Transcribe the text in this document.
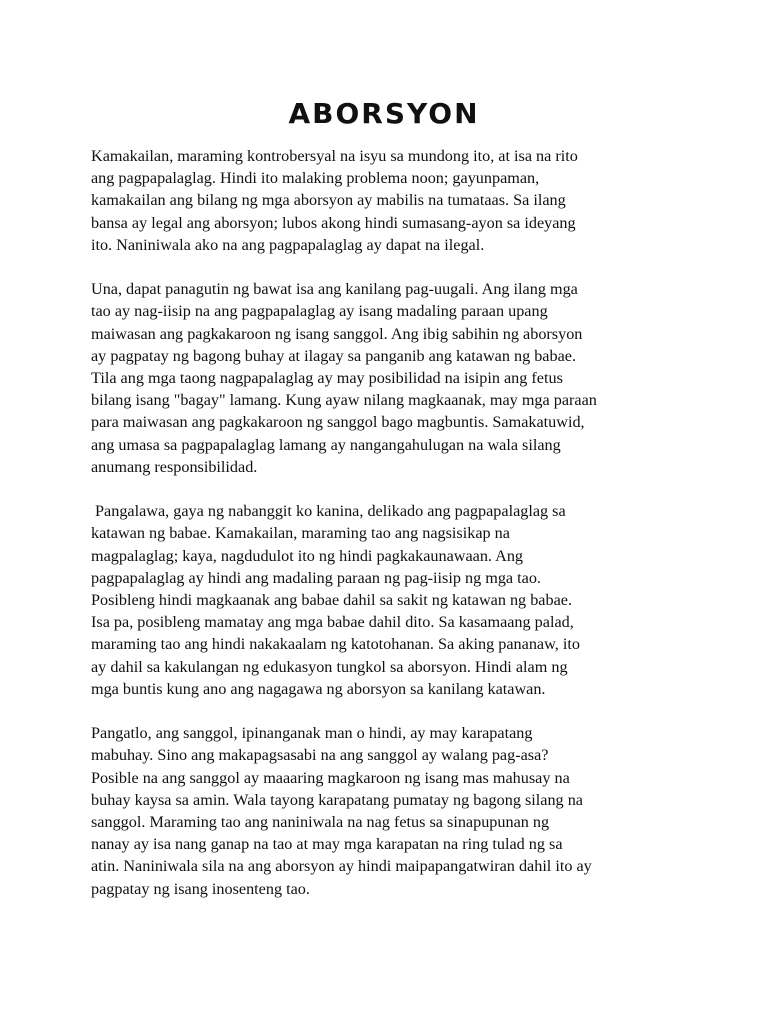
ABORSYON

Kamakailan, maraming kontrobersyal na isyu sa mundong ito, at isa na rito
ang pagpapalaglag. Hindi ito malaking problema noon; gayunpaman,
kamakailan ang bilang ng mga aborsyon ay mabilis na tumataas. Sa ilang
bansa ay legal ang aborsyon; lubos akong hindi sumasang-ayon sa ideyang
ito. Naniniwala ako na ang pagpapalaglag ay dapat na ilegal.

Una, dapat panagutin ng bawat isa ang kanilang pag-uugali. Ang ilang mga
tao ay nag-iisip na ang pagpapalaglag ay isang madaling paraan upang
maiwasan ang pagkakaroon ng isang sanggol. Ang ibig sabihin ng aborsyon
ay pagpatay ng bagong buhay at ilagay sa panganib ang katawan ng babae.
Tila ang mga taong nagpapalaglag ay may posibilidad na isipin ang fetus
bilang isang "bagay" lamang. Kung ayaw nilang magkaanak, may mga paraan
para maiwasan ang pagkakaroon ng sanggol bago magbuntis. Samakatuwid,
ang umasa sa pagpapalaglag lamang ay nangangahulugan na wala silang
anumang responsibilidad.

Pangalawa, gaya ng nabanggit ko kanina, delikado ang pagpapalaglag sa
katawan ng babae. Kamakailan, maraming tao ang nagsisikap na
magpalaglag; kaya, nagdudulot ito ng hindi pagkakaunawaan. Ang
pagpapalaglag ay hindi ang madaling paraan ng pag-iisip ng mga tao.
Posibleng hindi magkaanak ang babae dahil sa sakit ng katawan ng babae.
Isa pa, posibleng mamatay ang mga babae dahil dito. Sa kasamaang palad,
maraming tao ang hindi nakakaalam ng katotohanan. Sa aking pananaw, ito
ay dahil sa kakulangan ng edukasyon tungkol sa aborsyon. Hindi alam ng
mga buntis kung ano ang nagagawa ng aborsyon sa kanilang katawan.

Pangatlo, ang sanggol, ipinanganak man o hindi, ay may karapatang
mabuhay. Sino ang makapagsasabi na ang sanggol ay walang pag-asa?
Posible na ang sanggol ay maaaring magkaroon ng isang mas mahusay na
buhay kaysa sa amin. Wala tayong karapatang pumatay ng bagong silang na
sanggol. Maraming tao ang naniniwala na nag fetus sa sinapupunan ng
nanay ay isa nang ganap na tao at may mga karapatan na ring tulad ng sa
atin. Naniniwala sila na ang aborsyon ay hindi maipapangatwiran dahil ito ay
pagpatay ng isang inosenteng tao.
